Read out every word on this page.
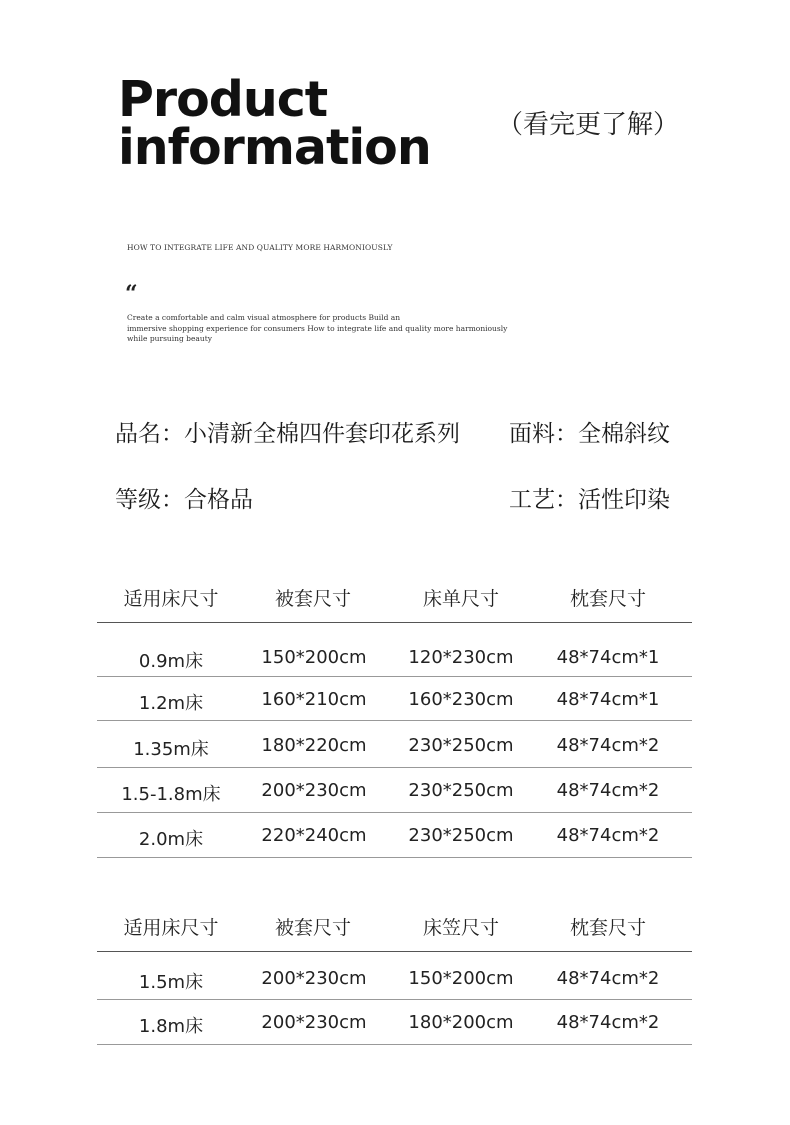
Product
information	（看完更了解）
HOW TO INTEGRATE LIFE AND QUALITY MORE HARMONIOUSLY
“
Create a comfortable and calm visual atmosphere for products Build an
immersive shopping experience for consumers How to integrate life and quality more harmoniously
while pursuing beauty
品名：小清新全棉四件套印花系列 面料：全棉斜纹
等级：合格品	工艺：活性印染
适用床尺寸	被套尺寸	床单尺寸	枕套尺寸
0.9m床	150*200cm 120*230cm 48*74cm*1
1.2m床	160*210cm 160*230cm 48*74cm*1
1.35m床	180*220cm 230*250cm 48*74cm*2
1.5-1.8m床 200*230cm 230*250cm 48*74cm*2
2.0m床	220*240cm 230*250cm 48*74cm*2
适用床尺寸	被套尺寸	床笠尺寸	枕套尺寸
1.5m床	200*230cm 150*200cm 48*74cm*2
1.8m床	200*230cm 180*200cm 48*74cm*2
